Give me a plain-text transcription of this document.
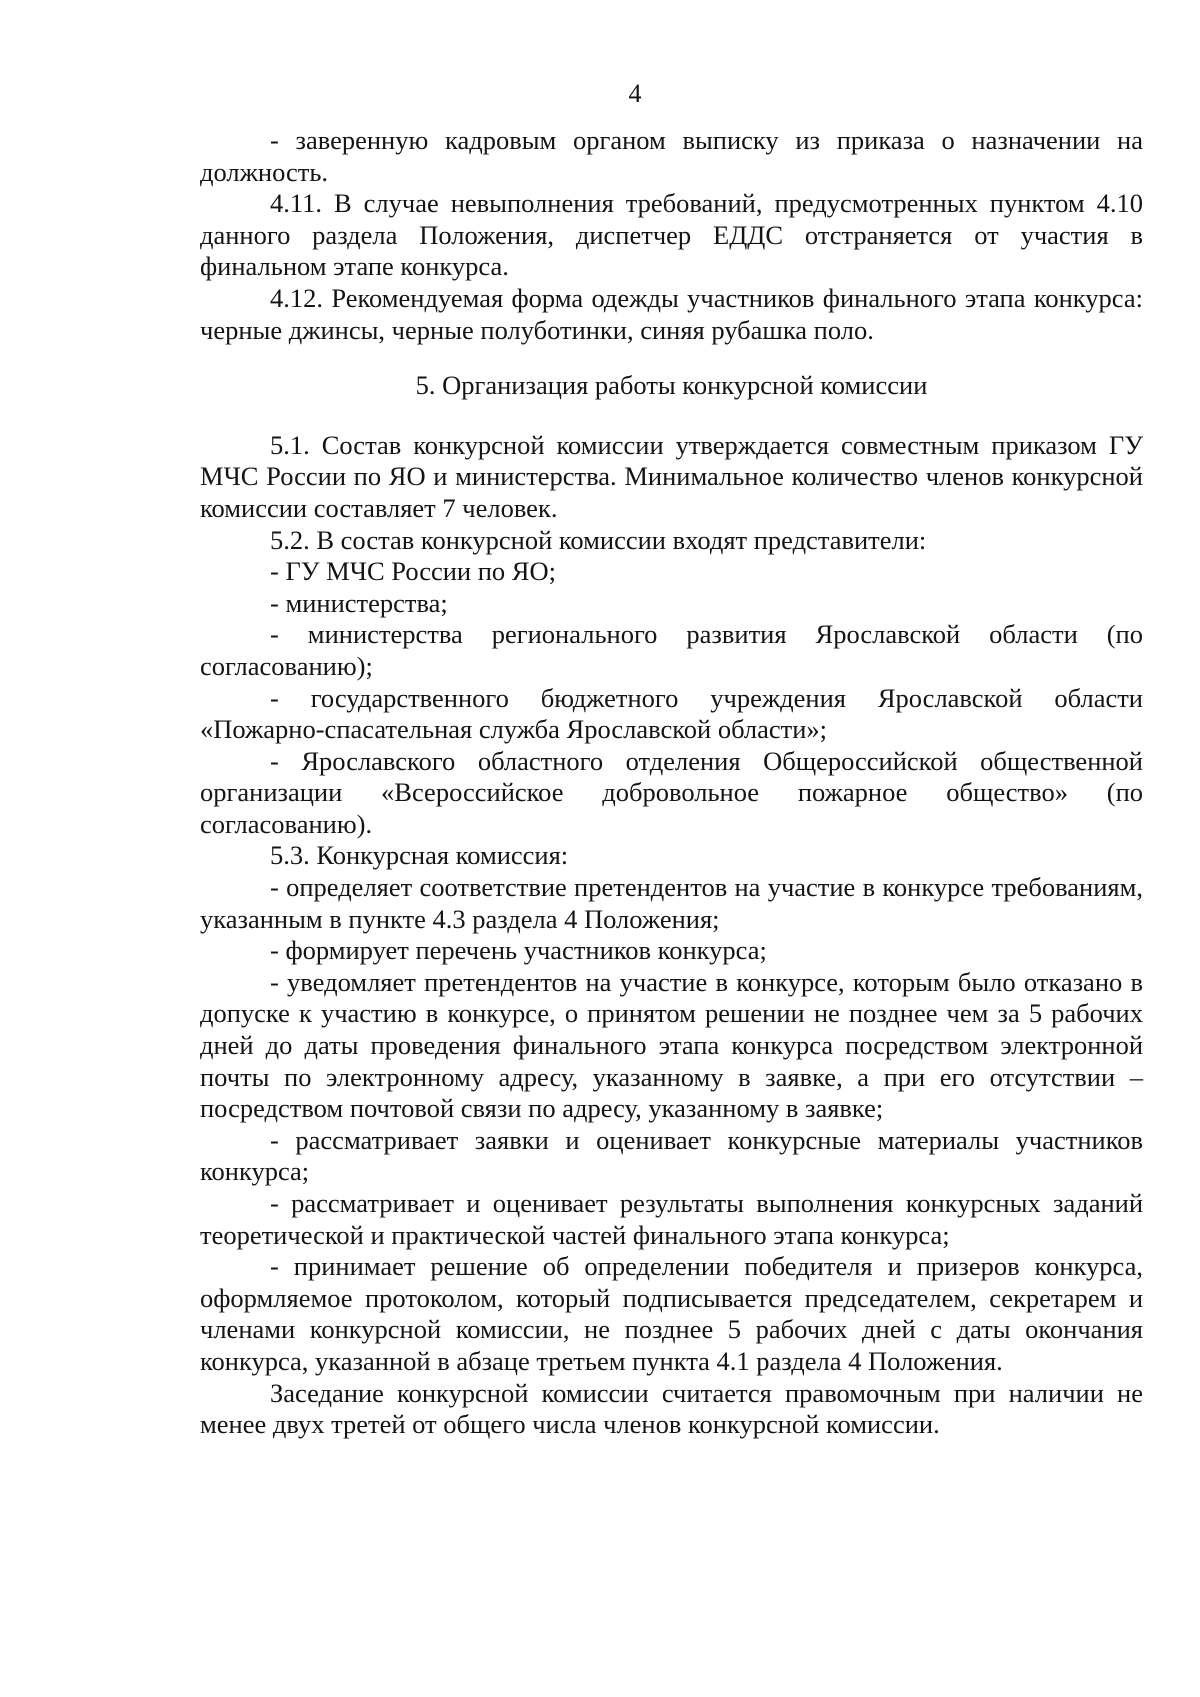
4

- заверенную кадровым органом выписку из приказа о назначении на должность.

4.11. В случае невыполнения требований, предусмотренных пунктом 4.10 данного раздела Положения, диспетчер ЕДДС отстраняется от участия в финальном этапе конкурса.

4.12. Рекомендуемая форма одежды участников финального этапа конкурса: черные джинсы, черные полуботинки, синяя рубашка поло.

5. Организация работы конкурсной комиссии

5.1. Состав конкурсной комиссии утверждается совместным приказом ГУ МЧС России по ЯО и министерства. Минимальное количество членов конкурсной комиссии составляет 7 человек.

5.2. В состав конкурсной комиссии входят представители:

- ГУ МЧС России по ЯО;

- министерства;

- министерства регионального развития Ярославской области (по согласованию);

- государственного бюджетного учреждения Ярославской области «Пожарно-спасательная служба Ярославской области»;

- Ярославского областного отделения Общероссийской общественной организации «Всероссийское добровольное пожарное общество» (по согласованию).

5.3. Конкурсная комиссия:

- определяет соответствие претендентов на участие в конкурсе требованиям, указанным в пункте 4.3 раздела 4 Положения;

- формирует перечень участников конкурса;

- уведомляет претендентов на участие в конкурсе, которым было отказано в допуске к участию в конкурсе, о принятом решении не позднее чем за 5 рабочих дней до даты проведения финального этапа конкурса посредством электронной почты по электронному адресу, указанному в заявке, а при его отсутствии – посредством почтовой связи по адресу, указанному в заявке;

- рассматривает заявки и оценивает конкурсные материалы участников конкурса;

- рассматривает и оценивает результаты выполнения конкурсных заданий теоретической и практической частей финального этапа конкурса;

- принимает решение об определении победителя и призеров конкурса, оформляемое протоколом, который подписывается председателем, секретарем и членами конкурсной комиссии, не позднее 5 рабочих дней с даты окончания конкурса, указанной в абзаце третьем пункта 4.1 раздела 4 Положения.

Заседание конкурсной комиссии считается правомочным при наличии не менее двух третей от общего числа членов конкурсной комиссии.
